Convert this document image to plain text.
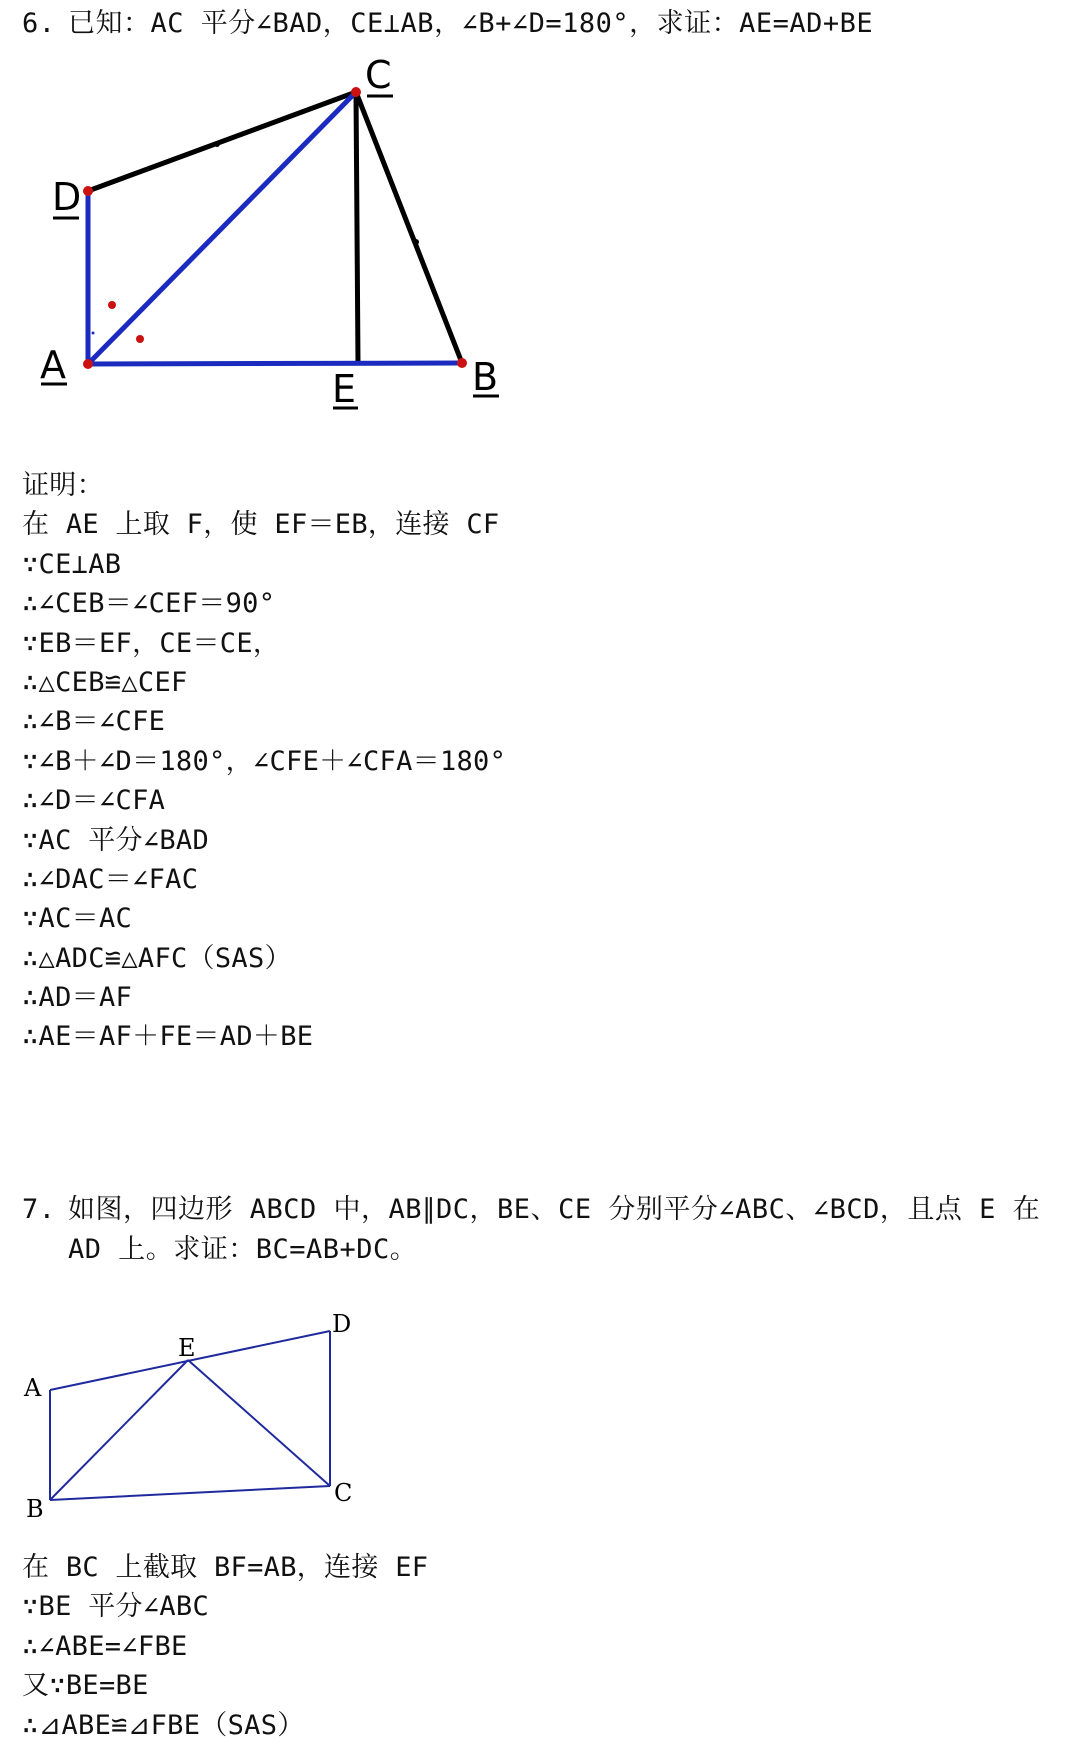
6. 已知：AC 平分∠BAD，CE⊥AB，∠B+∠D=180°，求证：AE=AD+BE
C
D
A
E	B
证明：
在 AE 上取 F，使 EF＝EB，连接 CF
∵CE⊥AB
∴∠CEB＝∠CEF＝90°
∵EB＝EF，CE＝CE，
∴△CEB≌△CEF
∴∠B＝∠CFE
∵∠B＋∠D＝180°，∠CFE＋∠CFA＝180°
∴∠D＝∠CFA
∵AC 平分∠BAD
∴∠DAC＝∠FAC
∵AC＝AC
∴△ADC≌△AFC（SAS）
∴AD＝AF
∴AE＝AF＋FE＝AD＋BE
7. 如图，四边形 ABCD 中，AB∥DC，BE、CE 分别平分∠ABC、∠BCD，且点 E 在
AD 上。求证：BC=AB+DC。
A
B
C
D
E
在 BC 上截取 BF=AB，连接 EF
∵BE 平分∠ABC
∴∠ABE=∠FBE
又∵BE=BE
∴⊿ABE≌⊿FBE（SAS）
